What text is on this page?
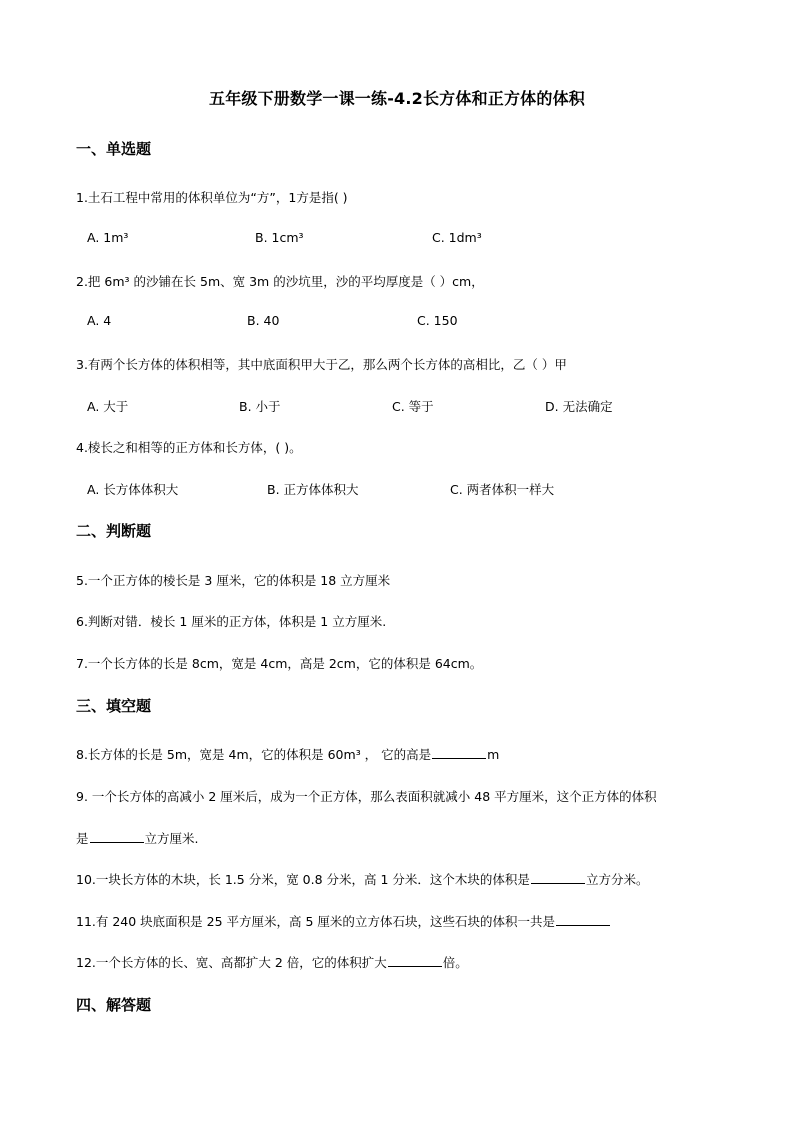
五年级下册数学一课一练-4.2长方体和正方体的体积
一、单选题
1.土石工程中常用的体积单位为“方”，1方是指( )
A. 1m³	B. 1cm³	C. 1dm³
2.把 6m³ 的沙铺在长 5m、宽 3m 的沙坑里，沙的平均厚度是（ ）cm，
A. 4	B. 40	C. 150
3.有两个长方体的体积相等，其中底面积甲大于乙，那么两个长方体的高相比，乙（ ）甲
A. 大于	B. 小于	C. 等于	D. 无法确定
4.棱长之和相等的正方体和长方体，( )。
A. 长方体体积大	B. 正方体体积大	C. 两者体积一样大
二、判断题
5.一个正方体的棱长是 3 厘米，它的体积是 18 立方厘米
6.判断对错．棱长 1 厘米的正方体，体积是 1 立方厘米.
7.一个长方体的长是 8cm，宽是 4cm，高是 2cm，它的体积是 64cm。
三、填空题
8.长方体的长是 5m，宽是 4m，它的体积是 60m³ ， 它的高是	m
9. 一个长方体的高减小 2 厘米后，成为一个正方体，那么表面积就减小 48 平方厘米，这个正方体的体积
是	立方厘米.
10.一块长方体的木块，长 1.5 分米，宽 0.8 分米，高 1 分米．这个木块的体积是	立方分米。
11.有 240 块底面积是 25 平方厘米，高 5 厘米的立方体石块，这些石块的体积一共是
12.一个长方体的长、宽、高都扩大 2 倍，它的体积扩大	倍。
四、解答题
